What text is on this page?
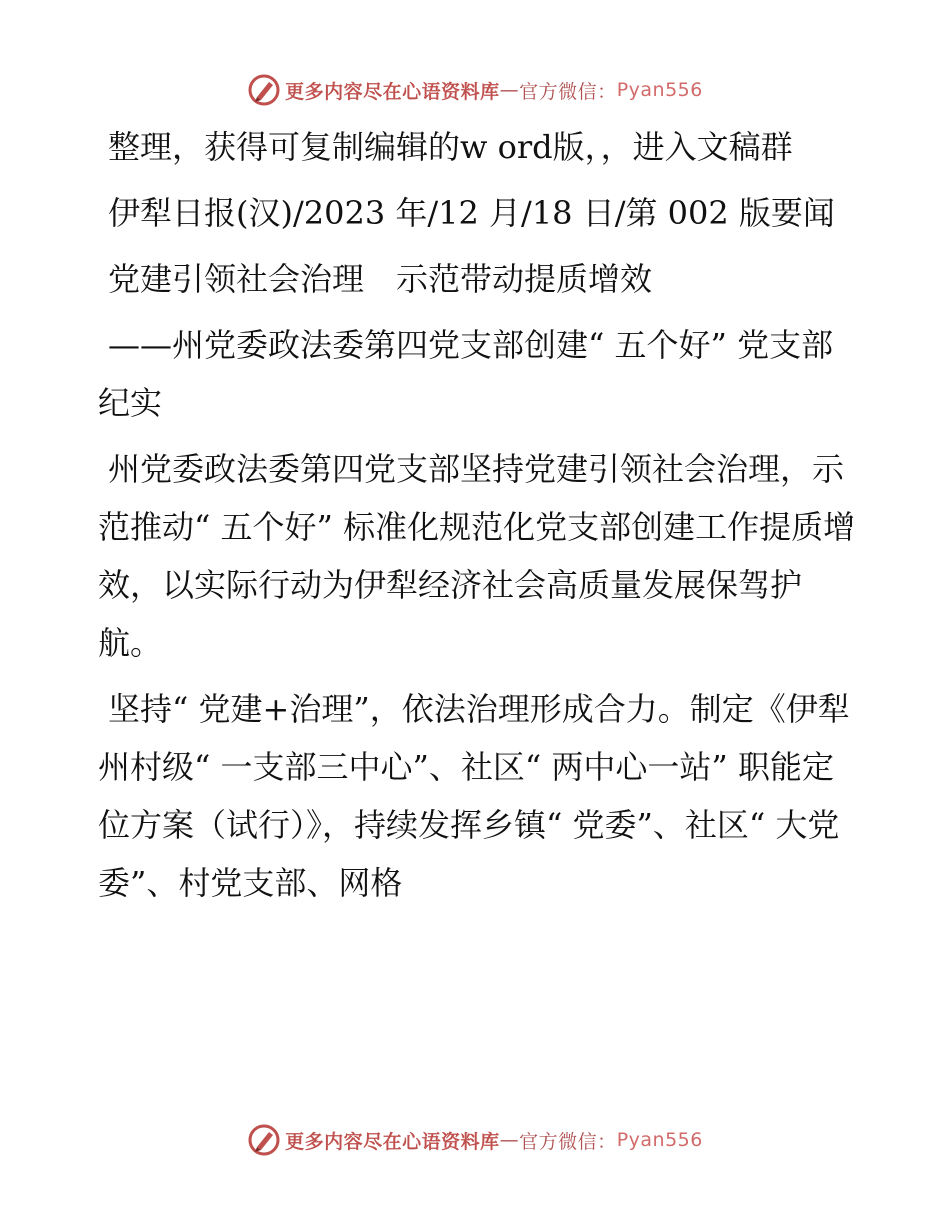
更多内容尽在心语资料库 — 官方微信： Pyan556

整理，获得可复制编辑的w ord版，，进入文稿群

伊犁日报(汉)/2023 年/12 月/18 日/第 002 版要闻

党建引领社会治理　示范带动提质增效

——州党委政法委第四党支部创建“ 五个好” 党支部纪实

州党委政法委第四党支部坚持党建引领社会治理，示范推动“ 五个好” 标准化规范化党支部创建工作提质增效，以实际行动为伊犁经济社会高质量发展保驾护航。

坚持“ 党建+治理”，依法治理形成合力。制定《伊犁州村级“ 一支部三中心”、社区“ 两中心一站” 职能定位方案（试行）》，持续发挥乡镇“ 党委”、社区“ 大党委”、村党支部、网格

更多内容尽在心语资料库 — 官方微信： Pyan556
